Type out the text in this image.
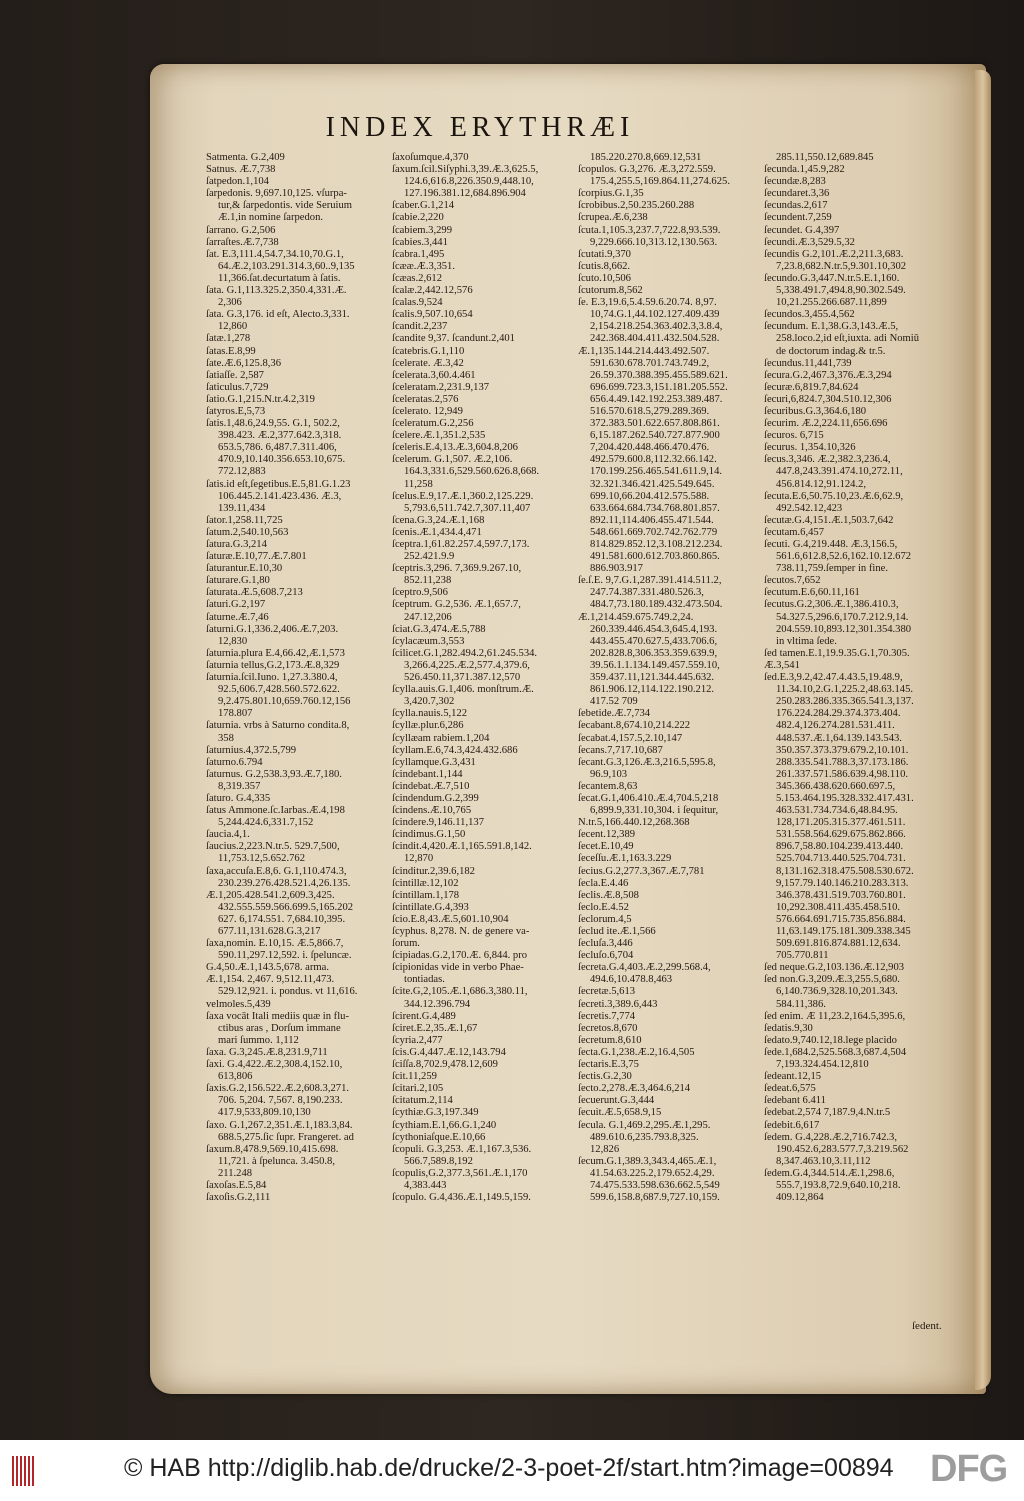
INDEX ERYTHRÆI
Satmenta. G.2,409
Satnus. Æ.7,738
ſatpedon.1,104
ſarpedonis. 9,697.10,125. vſurpa-
tur,& ſarpedontis. vide Seruium
Æ.1,in nomine ſarpedon.
ſarrano. G.2,506
ſarraſtes.Æ.7,738
ſat. E.3,111.4,54.7,34.10,70.G.1,
64.Æ.2,103.291.314.3,60..9,135
11,366.ſat.decurtatum à ſatis.
ſata. G.1,113.325.2,350.4,331.Æ.
2,306
ſata. G.3,176. id eſt, Alecto.3,331.
12,860
ſatæ.1,278
ſatas.E.8,99
ſate.Æ.6,125.8,36
ſatiaſſe. 2,587
ſaticulus.7,729
ſatio.G.1,215.N.tr.4.2,319
ſatyros.E,5,73
ſatis.1,48.6,24.9,55. G.1, 502.2,
398.423. Æ.2,377.642.3,318.
653.5,786. 6,487.7.311.406,
470.9,10.140.356.653.10,675.
772.12,883
ſatis.id eſt,ſegetibus.E.5,81.G.1.23
106.445.2.141.423.436. Æ.3,
139.11,434
ſator.1,258.11,725
ſatum.2,540.10,563
ſatura.G.3,214
ſaturæ.E.10,77.Æ.7.801
ſaturantur.E.10,30
ſaturare.G.1,80
ſaturata.Æ.5,608.7,213
ſaturi.G.2,197
ſaturne.Æ.7,46
ſaturni.G.1,336.2,406.Æ.7,203.
12,830
ſaturnia.plura E.4,66.42,Æ.1,573
ſaturnia tellus,G.2,173.Æ.8,329
ſaturnia.ſcil.Iuno. 1,27.3.380.4,
92.5,606.7,428.560.572.622.
9,2.475.801.10,659.760.12,156
178.807
ſaturnia. vrbs à Saturno condita.8,
358
ſaturnius.4,372.5,799
ſaturno.6.794
ſaturnus. G.2,538.3,93.Æ.7,180.
8,319.357
ſaturo. G.4,335
ſatus Ammone.ſc.Iarbas.Æ.4,198
5,244.424.6,331.7,152
ſaucia.4,1.
ſaucius.2,223.N.tr.5. 529.7,500,
11,753.12,5.652.762
ſaxa,accuſa.E.8,6. G.1,110.474.3,
230.239.276.428.521.4,26.135.
Æ.1,205.428.541.2,609.3,425.
432.555.559.566.699.5,165.202
627. 6,174.551. 7,684.10,395.
677.11,131.628.G.3,217
ſaxa,nomin. E.10,15. Æ.5,866.7,
590.11,297.12,592. i. ſpeluncæ.
G.4,50.Æ.1,143.5,678. arma.
Æ.1,154. 2,467. 9,512.11,473.
529.12,921. i. pondus. vt 11,616.
velmoles.5,439
ſaxa vocāt Itali mediis quæ in flu-
ctibus aras , Dorſum immane
mari ſummo. 1,112
ſaxa. G.3,245.Æ.8,231.9,711
ſaxi. G.4,422.Æ.2,308.4,152.10,
613,806
ſaxis.G.2,156.522.Æ.2,608.3,271.
706. 5,204. 7,567. 8,190.233.
417.9,533,809.10,130
ſaxo. G.1,267.2,351.Æ.1,183.3,84.
688.5,275.ſic ſupr. Frangeret. ad
ſaxum.8,478.9,569.10,415.698.
11,721. à ſpelunca. 3.450.8,
211.248
ſaxoſas.E.5,84
ſaxoſis.G.2,111
ſaxoſumque.4,370
ſaxum.ſcil.Siſyphi.3,39.Æ.3,625.5,
124.6,616.8,226.350.9,448.10,
127.196.381.12,684.896.904
ſcaber.G.1,214
ſcabie.2,220
ſcabiem.3,299
ſcabies.3,441
ſcabra.1,495
ſcææ.Æ.3,351.
ſcæas.2,612
ſcalæ.2,442.12,576
ſcalas.9,524
ſcalis.9,507.10,654
ſcandit.2,237
ſcandite 9,37. ſcandunt.2,401
ſcatebris.G.1,110
ſcelerate. Æ.3,42
ſcelerata.3,60.4.461
ſceleratam.2,231.9,137
ſceleratas.2,576
ſcelerato. 12,949
ſceleratum.G.2,256
ſcelere.Æ.1,351.2,535
ſceleris.E.4,13.Æ.3,604.8,206
ſcelerum. G.1,507. Æ.2,106.
164.3,331.6,529.560.626.8,668.
11,258
ſcelus.E.9,17.Æ.1,360.2,125.229.
5,793.6,511.742.7,307.11,407
ſcena.G.3,24.Æ.1,168
ſcenis.Æ.1,434.4,471
ſceptra.1,61.82.257.4,597.7,173.
252.421.9.9
ſceptris.3,296. 7,369.9.267.10,
852.11,238
ſceptro.9,506
ſceptrum. G.2,536. Æ.1,657.7,
247.12,206
ſciat.G.3,474.Æ.5,788
ſcylacæum.3,553
ſcilicet.G.1,282.494.2,61.245.534.
3,266.4,225.Æ.2,577.4,379.6,
526.450.11,371.387.12,570
ſcylla.auis.G.1,406. monſtrum.Æ.
3,420.7,302
ſcylla.nauis.5,122
ſcyllæ.plur.6,286
ſcyllæam rabiem.1,204
ſcyllam.E.6,74.3,424.432.686
ſcyllamque.G.3,431
ſcindebant.1,144
ſcindebat.Æ.7,510
ſcindendum.G.2,399
ſcindens.Æ.10,765
ſcindere.9,146.11,137
ſcindimus.G.1,50
ſcindit.4,420.Æ.1,165.591.8,142.
12,870
ſcinditur.2,39.6,182
ſcintillæ.12,102
ſcintillam.1,178
ſcintillate.G.4,393
ſcio.E.8,43.Æ.5,601.10,904
ſcyphus. 8,278. N. de genere va-
ſorum.
ſcipiadas.G.2,170.Æ. 6,844. pro
ſcipionidas vide in verbo Phae-
tontiadas.
ſcite.G,2,105.Æ.1,686.3,380.11,
344.12.396.794
ſcirent.G.4,489
ſciret.E.2,35.Æ.1,67
ſcyria.2,477
ſcis.G.4,447.Æ.12,143.794
ſciſſa.8,702.9,478.12,609
ſcit.11,259
ſcitari.2,105
ſcitatum.2,114
ſcythiæ.G.3,197.349
ſcythiam.E.1,66.G.1,240
ſcythoniaſque.E.10,66
ſcopuli. G.3,253. Æ.1,167.3,536.
566.7,589.8,192
ſcopulis,G.2,377.3,561.Æ.1,170
4,383.443
ſcopulo. G.4,436.Æ.1,149.5,159.
185.220.270.8,669.12,531
ſcopulos. G.3,276. Æ.3,272.559.
175.4,255.5,169.864.11,274.625.
ſcorpius.G.1,35
ſcrobibus.2,50.235.260.288
ſcrupea.Æ.6,238
ſcuta.1,105.3,237.7,722.8,93.539.
9,229.666.10,313.12,130.563.
ſcutati.9,370
ſcutis.8,662.
ſcuto.10,506
ſcutorum.8,562
ſe. E.3,19.6,5.4.59.6.20.74. 8,97.
10,74.G.1,44.102.127.409.439
2,154.218.254.363.402.3,3.8.4,
242.368.404.411.432.504.528.
Æ.1,135.144.214.443.492.507.
591.630.678.701.743.749.2,
26.59.370.388.395.455.589.621.
696.699.723.3,151.181.205.552.
656.4.49.142.192.253.389.487.
516.570.618.5,279.289.369.
372.383.501.622.657.808.861.
6,15.187.262.540.727.877.900
7,204.420.448.466.470.476.
492.579.600.8,112.32.66.142.
170.199.256.465.541.611.9,14.
32.321.346.421.425.549.645.
699.10,66.204.412.575.588.
633.664.684.734.768.801.857.
892.11,114.406.455.471.544.
548.661.669.702.742.762.779
814.829.852.12,3.108.212.234.
491.581.600.612.703.860.865.
886.903.917
ſe.ſ.E. 9,7.G.1,287.391.414.511.2,
247.74.387.331.480.526.3,
484.7,73.180.189.432.473.504.
Æ.1,214.459.675.749.2,24.
260.339.446.454.3,645.4,193.
443.455.470.627.5,433.706.6,
202.828.8,306.353.359.639.9,
39.56.1.1.134.149.457.559.10,
359.437.11,121.344.445.632.
861.906.12,114.122.190.212.
417.52 709
ſebetide.Æ.7,734
ſecabant.8,674.10,214.222
ſecabat.4,157.5,2.10,147
ſecans.7,717.10,687
ſecant.G.3,126.Æ.3,216.5,595.8,
96.9,103
ſecantem.8,63
ſecat.G.1,406.410.Æ.4,704.5,218
6,899.9,331.10,304. i ſequitur,
N.tr.5,166.440.12,268.368
ſecent.12,389
ſecet.E.10,49
ſeceſſu.Æ.1,163.3.229
ſecius.G.2,277.3,367.Æ.7,781
ſecla.E.4.46
ſeclis.Æ.8,508
ſeclo.E.4.52
ſeclorum.4,5
ſeclud ite.Æ.1,566
ſecluſa.3,446
ſecluſo.6,704
ſecreta.G.4,403.Æ.2,299.568.4,
494.6,10.478.8,463
ſecretæ.5,613
ſecreti.3,389.6,443
ſecretis.7,774
ſecretos.8,670
ſecretum.8,610
ſecta.G.1,238.Æ.2,16.4,505
ſectaris.E.3,75
ſectis.G.2,30
ſecto.2,278.Æ.3,464.6,214
ſecuerunt.G.3,444
ſecuit.Æ.5,658.9,15
ſecula. G.1,469.2,295.Æ.1,295.
489.610.6,235.793.8,325.
12,826
ſecum.G.1,389.3,343.4,465.Æ.1,
41.54.63.225.2,179.652.4,29.
74.475.533.598.636.662.5,549
599.6,158.8,687.9,727.10,159.
285.11,550.12,689.845
ſecunda.1,45.9,282
ſecundæ.8,283
ſecundaret.3,36
ſecundas.2,617
ſecundent.7,259
ſecundet. G.4,397
ſecundi.Æ.3,529.5,32
ſecundis G.2,101.Æ.2,211.3,683.
7,23.8,682.N.tr.5,9.301.10,302
ſecundo.G.3,447.N.tr.5.E.1,160.
5,338.491.7,494.8,90.302.549.
10,21.255.266.687.11,899
ſecundos.3,455.4,562
ſecundum. E.1,38.G.3,143.Æ.5,
258.loco.2,id eſt,iuxta. adi Nomiū
de doctorum indag.& tr.5.
ſecundus.11,441,739
ſecura.G.2,467.3,376.Æ.3,294
ſecuræ.6,819.7,84.624
ſecuri,6,824.7,304.510.12,306
ſecuribus.G.3,364.6,180
ſecurim. Æ.2,224.11,656.696
ſecuros. 6,715
ſecurus. 1,354.10,326
ſecus.3,346. Æ.2,382.3,236.4,
447.8,243.391.474.10,272.11,
456.814.12,91.124.2,
ſecuta.E.6,50.75.10,23.Æ.6,62.9,
492.542.12,423
ſecutæ.G.4,151.Æ.1,503.7,642
ſecutam.6,457
ſecuti. G.4,219.448. Æ.3,156.5,
561.6,612.8,52.6,162.10.12.672
738.11,759.ſemper in fine.
ſecutos.7,652
ſecutum.E.6,60.11,161
ſecutus.G.2,306.Æ.1,386.410.3,
54.327.5,296.6,170.7.212.9,14.
204.559.10,893.12,301.354.380
in vltima ſede.
ſed tamen.E.1,19.9.35.G.1,70.305.
Æ.3,541
ſed.E.3,9.2,42.47.4.43.5,19.48.9,
11.34.10,2.G.1,225.2,48.63.145.
250.283.286.335.365.541.3,137.
176.224.284.29.374.373.404.
482.4,126.274.281.531.411.
448.537.Æ.1,64.139.143.543.
350.357.373.379.679.2,10.101.
288.335.541.788.3,37.173.186.
261.337.571.586.639.4,98.110.
345.366.438.620.660.697.5,
5.153.464.195.328.332.417.431.
463.531.734.734.6,48.84.95.
128,171.205.315.377.461.511.
531.558.564.629.675.862.866.
896.7,58.80.104.239.413.440.
525.704.713.440.525.704.731.
8,131.162.318.475.508.530.672.
9,157.79.140.146.210.283.313.
346.378.431.519.703.760.801.
10,292.308.411.435.458.510.
576.664.691.715.735.856.884.
11,63.149.175.181.309.338.345
509.691.816.874.881.12,634.
705.770.811
ſed neque.G.2,103.136.Æ.12,903
ſed non.G.3,209.Æ.3,255.5,680.
6,140.736.9,328.10,201.343.
584.11,386.
ſed enim. Æ 11,23.2,164.5,395.6,
ſedatis.9,30
ſedato.9,740.12,18.lege placido
ſede.1,684.2,525.568.3,687.4,504
7,193.324.454.12,810
ſedeant.12,15
ſedeat.6,575
ſedebant 6.411
ſedebat.2,574 7,187.9,4.N.tr.5
ſedebit.6,617
ſedem. G.4,228.Æ.2,716.742.3,
190.452.6,283.577.7,3.219.562
8,347.463.10,3.11,112
ſedem.G.4,344.514.Æ.1,298.6,
555.7,193.8,72.9,640.10,218.
409.12,864
ſedent.
© HAB http://diglib.hab.de/drucke/2-3-poet-2f/start.htm?image=00894 DFG
